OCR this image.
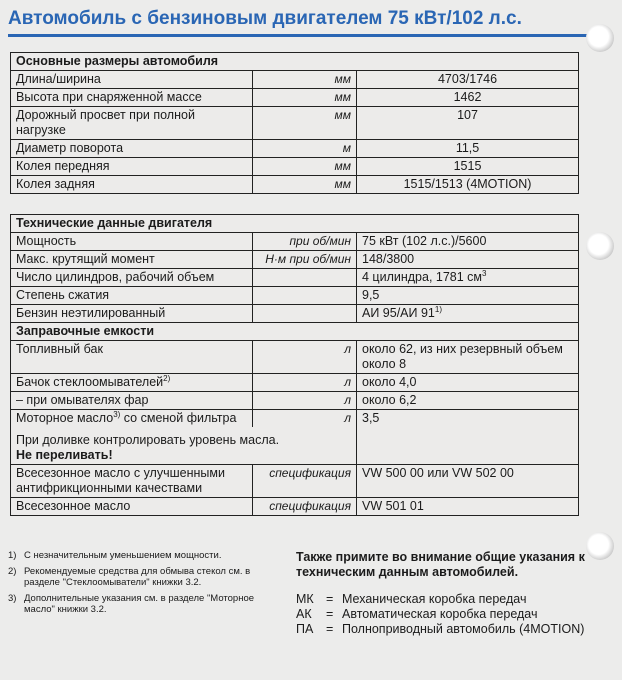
Автомобиль с бензиновым двигателем 75 кВт/102 л.с.
Основные размеры автомобиля		
Длина/ширина	мм	4703/1746
Высота при снаряженной массе	мм	1462
Дорожный просвет при полной нагрузке	мм	107
Диаметр поворота	м	11,5
Колея передняя	мм	1515
Колея задняя	мм	1515/1513 (4MOTION)
Технические данные двигателя		
Мощность	при об/мин	75 кВт (102 л.с.)/5600
Макс. крутящий момент	Н·м при об/мин	148/3800
Число цилиндров, рабочий объем		4 цилиндра, 1781 $см^3$
Степень сжатия		9,5
Бензин неэтилированный		АИ 95/АИ 91$^{1)}$
Заправочные емкости		
Топливный бак	л	около 62, из них резервный объем около 8
Бачок стеклоомывателей$^{2)}$	л	около 4,0
– при омывателях фар	л	около 6,2
Моторное масло$^{3)}$ со сменой фильтра	л	3,5
При доливке контролировать уровень масла.
Не переливать!		
Всесезонное масло с улучшенными антифрикционными качествами	спецификация	VW 500 00 или VW 502 00
Всесезонное масло	спецификация	VW 501 01
1) С незначительным уменьшением мощности.
2) Рекомендуемые средства для обмыва стекол см. в разделе "Стеклоомыватели" книжки 3.2.
3) Дополнительные указания см. в разделе "Моторное масло" книжки 3.2.
Также примите во внимание общие указания к техническим данным автомобилей.
МК = Механическая коробка передач
АК	= Автоматическая коробка передач
ПА	= Полноприводный автомобиль (4MOTION)
